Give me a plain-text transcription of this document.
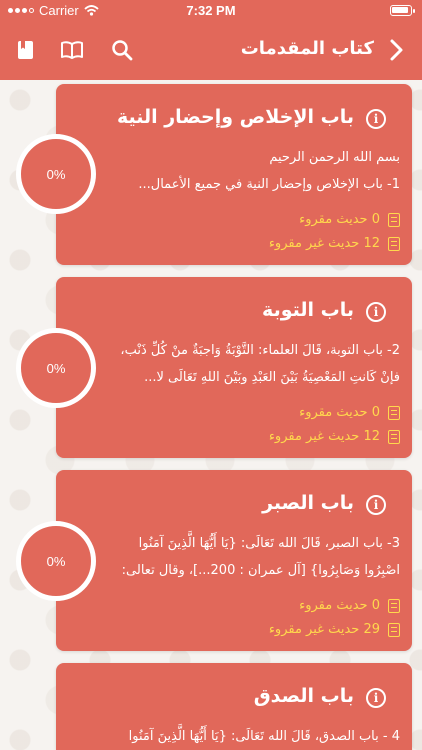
Carrier	7:32 PM
كتاب المقدمات
i
باب الإخلاص وإحضار النية
بسم الله الرحمن الرحيم
1- باب الإخلاص وإحضار النية في جميع الأعمال...
0 حديث مقروء
12 حديث غير مقروء
0%
i
باب التوبة
2- باب التوبة، قَالَ العلماء: التَّوْبَةُ وَاجبَةٌ منْ كُلِّ ذَنْب،
فإنْ كَانتِ المَعْصِيَةُ بَيْنَ العَبْدِ وبَيْنَ اللهِ تَعَالَى لا...
0 حديث مقروء
12 حديث غير مقروء
0%
i
باب الصبر
3- باب الصبر، قَالَ الله تَعَالَى: {يَا أَيُّهَا الَّذِينَ آمَنُوا
اصْبِرُوا وَصَابِرُوا} [آل عمران : 200...]، وقال تعالى:
0 حديث مقروء
29 حديث غير مقروء
0%
i
باب الصدق
4 - باب الصدق، قَالَ الله تَعَالَى: {يَا أَيُّهَا الَّذِينَ آمَنُوا
